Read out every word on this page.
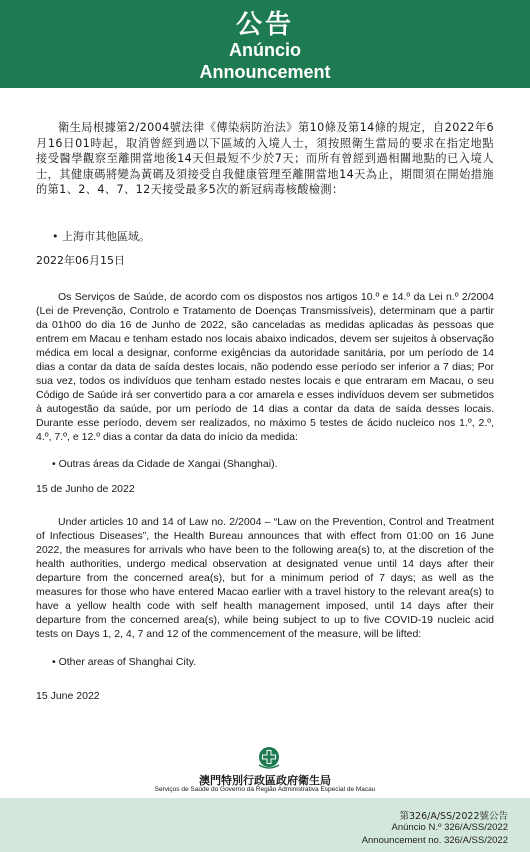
公告
Anúncio
Announcement
衛生局根據第2/2004號法律《傳染病防治法》第10條及第14條的規定，自2022年6月16日01時起，取消曾經到過以下區域的入境人士，須按照衛生當局的要求在指定地點接受醫學觀察至離開當地後14天但最短不少於7天；而所有曾經到過相關地點的已入境人士，其健康碼將變為黃碼及須接受自我健康管理至離開當地14天為止，期間須在開始措施的第1、2、4、7、12天接受最多5次的新冠病毒核酸檢測：
• 上海市其他區域。
2022年06月15日
Os Serviços de Saúde, de acordo com os dispostos nos artigos 10.º e 14.º da Lei n.º 2/2004 (Lei de Prevenção, Controlo e Tratamento de Doenças Transmissíveis), determinam que a partir da 01h00 do dia 16 de Junho de 2022, são canceladas as medidas aplicadas às pessoas que entrem em Macau e tenham estado nos locais abaixo indicados, devem ser sujeitos à observação médica em local a designar, conforme exigências da autoridade sanitária, por um período de 14 dias a contar da data de saída destes locais, não podendo esse período ser inferior a 7 dias; Por sua vez, todos os indivíduos que tenham estado nestes locais e que entraram em Macau, o seu Código de Saúde irá ser convertido para a cor amarela e esses indivíduos devem ser submetidos à autogestão da saúde, por um período de 14 dias a contar da data de saída desses locais. Durante esse período, devem ser realizados, no máximo 5 testes de ácido nucleico nos 1.º, 2.º, 4.º, 7.º, e 12.º dias a contar da data do início da medida:
• Outras áreas da Cidade de Xangai (Shanghai).
15 de Junho de 2022
Under articles 10 and 14 of Law no. 2/2004 – “Law on the Prevention, Control and Treatment of Infectious Diseases”, the Health Bureau announces that with effect from 01:00 on 16 June 2022, the measures for arrivals who have been to the following area(s) to, at the discretion of the health authorities, undergo medical observation at designated venue until 14 days after their departure from the concerned area(s), but for a minimum period of 7 days; as well as the measures for those who have entered Macao earlier with a travel history to the relevant area(s) to have a yellow health code with self health management imposed, until 14 days after their departure from the concerned area(s), while being subject to up to five COVID-19 nucleic acid tests on Days 1, 2, 4, 7 and 12 of the commencement of the measure, will be lifted:
• Other areas of Shanghai City.
15 June 2022
澳門特別行政區政府衛生局
Serviços de Saúde do Governo da Região Administrativa Especial de Macau
第326/A/SS/2022號公告
Anúncio N.º 326/A/SS/2022
Announcement no. 326/A/SS/2022
